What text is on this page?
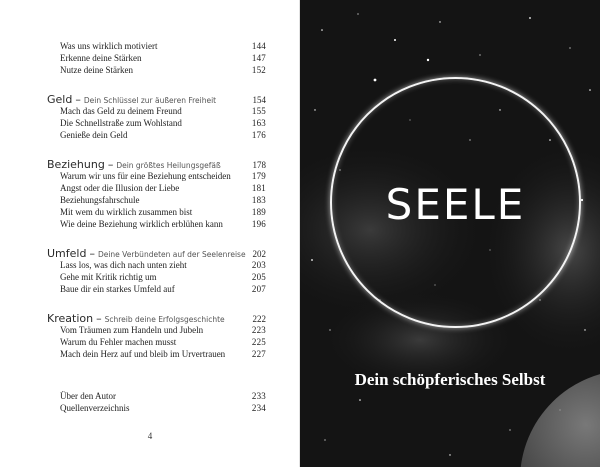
Was uns wirklich motiviert	144
Erkenne deine Stärken	147
Nutze deine Stärken	152
Geld – Dein Schlüssel zur äußeren Freiheit	154
Mach das Geld zu deinem Freund	155
Die Schnellstraße zum Wohlstand	163
Genieße dein Geld	176
Beziehung – Dein größtes Heilungsgefäß	178
Warum wir uns für eine Beziehung entscheiden 179
Angst oder die Illusion der Liebe	181
Beziehungsfahrschule	183
Mit wem du wirklich zusammen bist	189
Wie deine Beziehung wirklich erblühen kann	196
Umfeld – Deine Verbündeten auf der Seelenreise 202
Lass los, was dich nach unten zieht	203
Gehe mit Kritik richtig um	205
Baue dir ein starkes Umfeld auf	207
Kreation – Schreib deine Erfolgsgeschichte	222
Vom Träumen zum Handeln und Jubeln	223
Warum du Fehler machen musst	225
Mach dein Herz auf und bleib im Urvertrauen	227
Über den Autor	233
Quellenverzeichnis	234
4
SEELE
Dein schöpferisches Selbst
